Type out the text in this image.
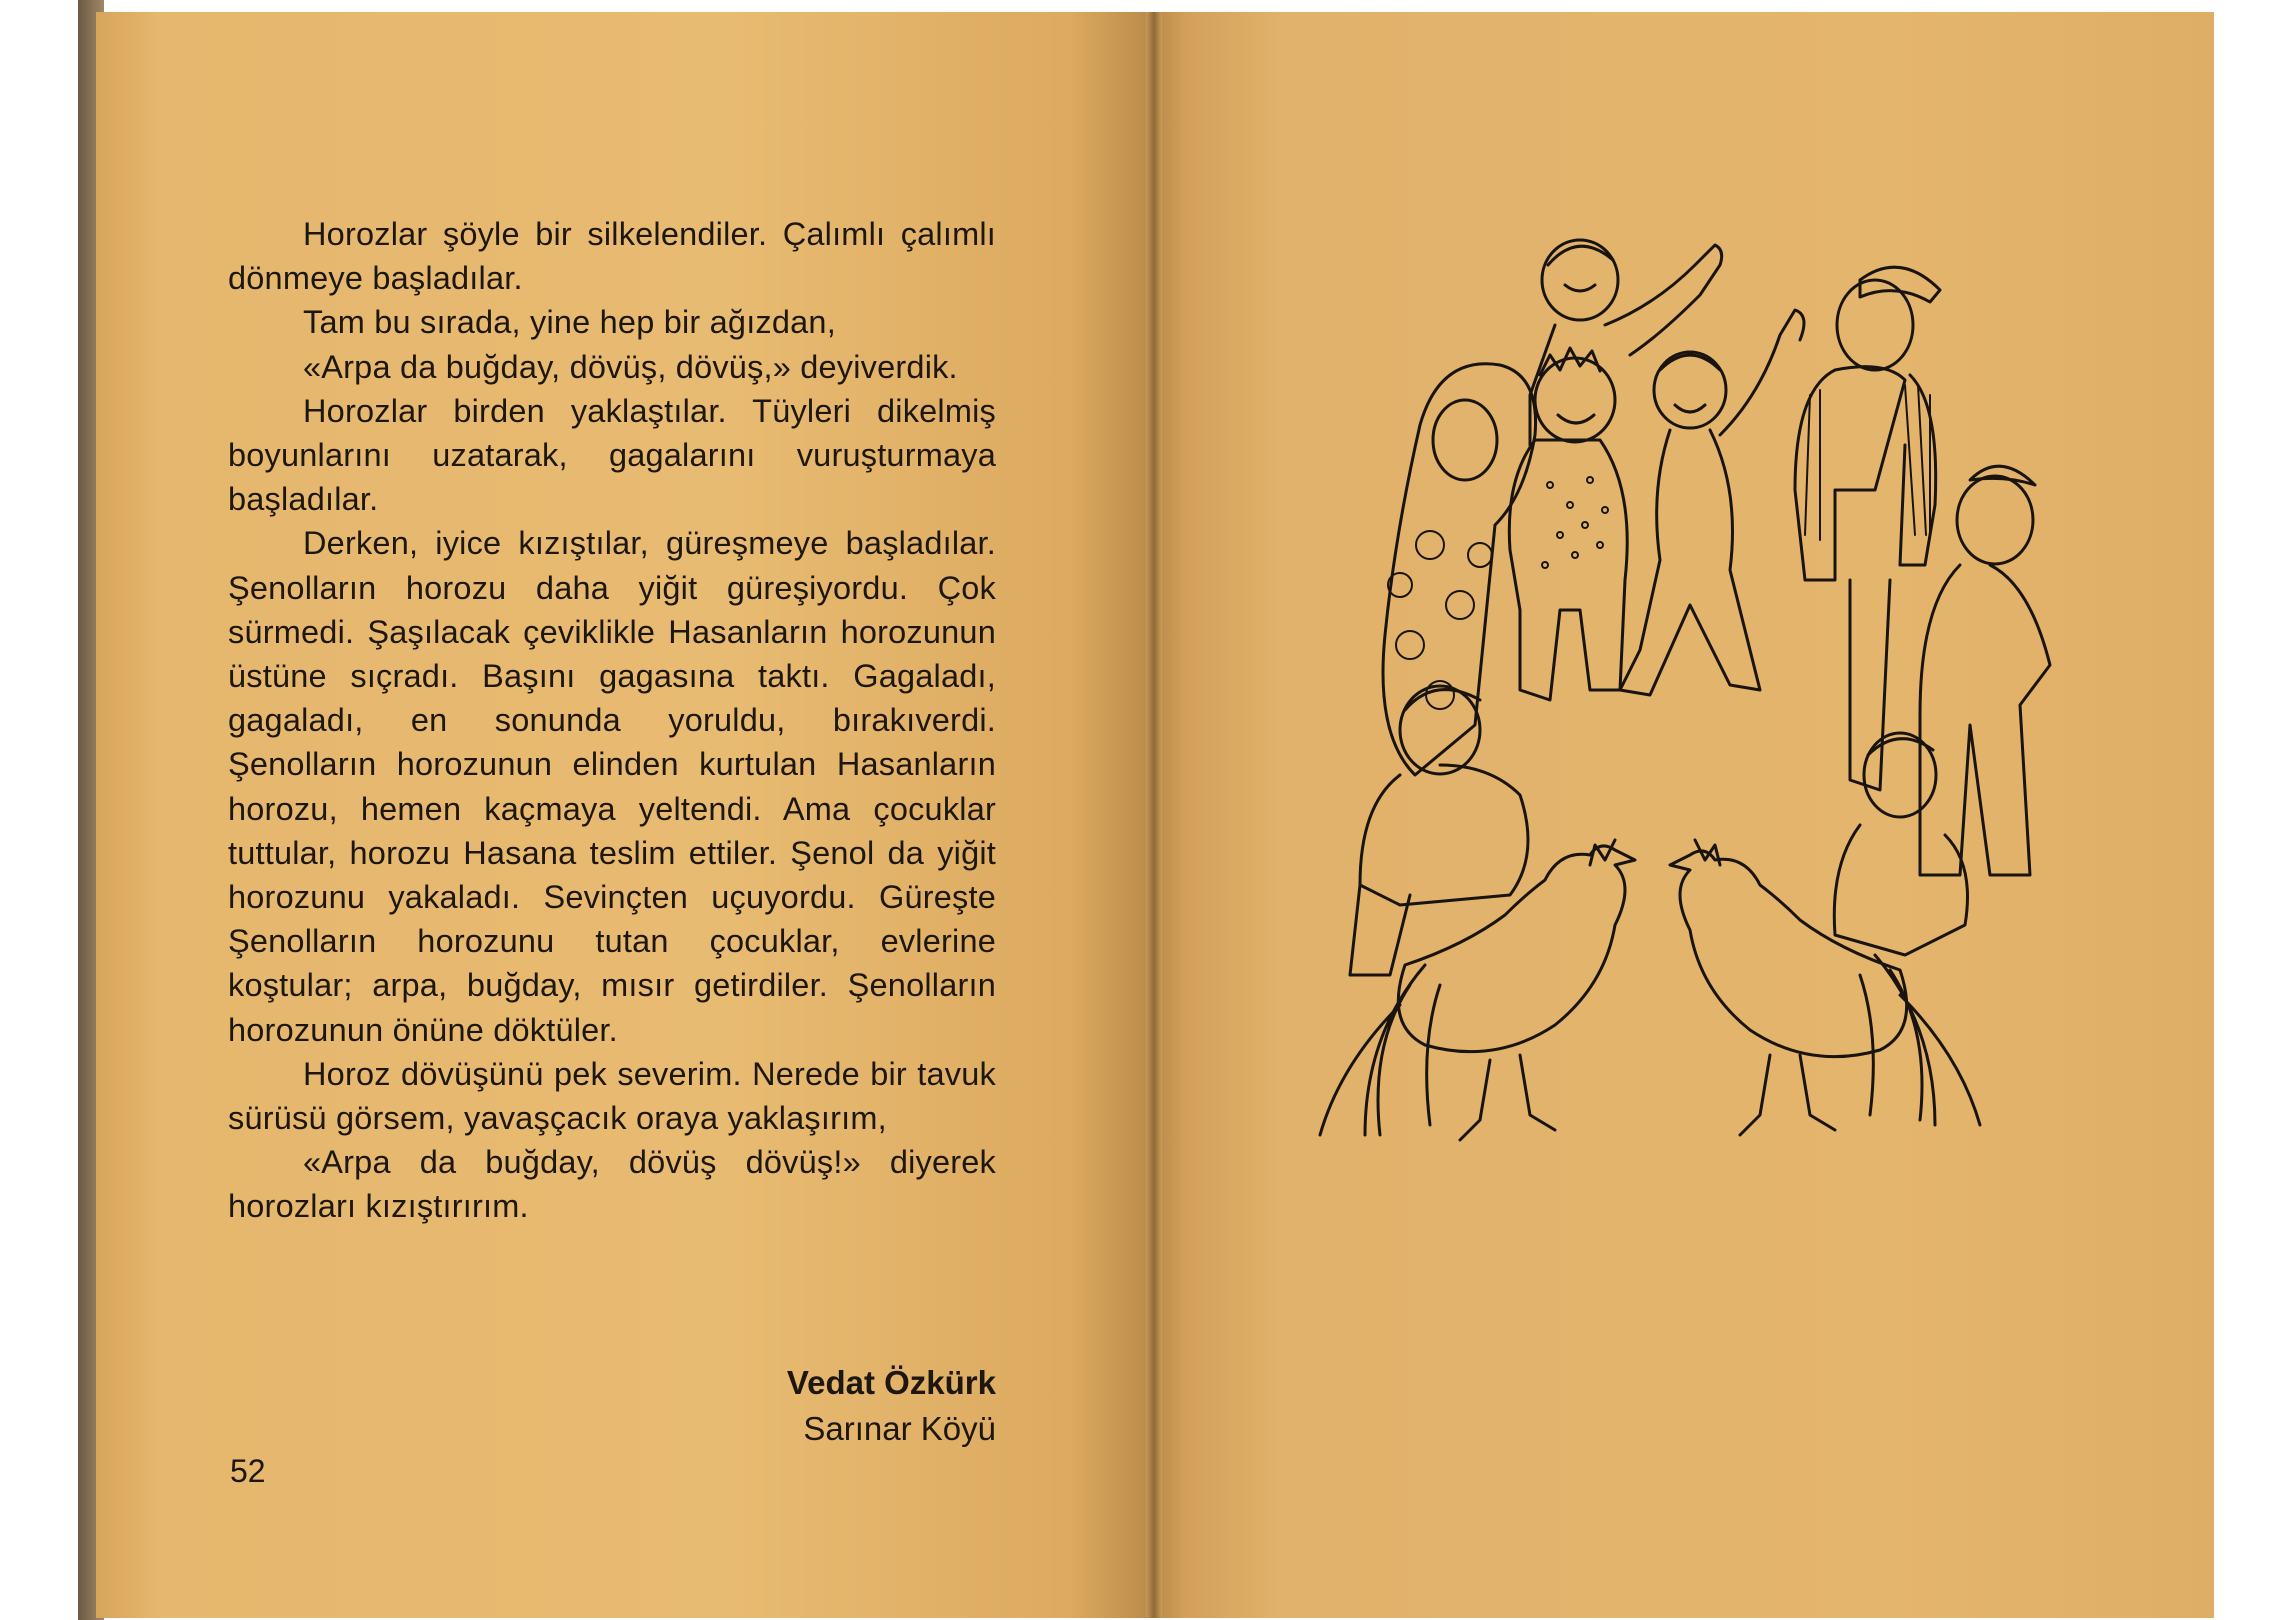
Horozlar şöyle bir silkelendiler. Çalımlı çalımlı dönmeye başladılar.

Tam bu sırada, yine hep bir ağızdan,

«Arpa da buğday, dövüş, dövüş,» deyiverdik.

Horozlar birden yaklaştılar. Tüyleri dikelmiş boyunlarını uzatarak, gagalarını vuruşturmaya başladılar.

Derken, iyice kızıştılar, güreşmeye başladılar. Şenolların horozu daha yiğit güreşiyordu. Çok sürmedi. Şaşılacak çeviklikle Hasanların horozunun üstüne sıçradı. Başını gagasına taktı. Gagaladı, gagaladı, en sonunda yoruldu, bırakıverdi. Şenolların horozunun elinden kurtulan Hasanların horozu, hemen kaçmaya yeltendi. Ama çocuklar tuttular, horozu Hasana teslim ettiler. Şenol da yiğit horozunu yakaladı. Sevinçten uçuyordu. Güreşte Şenolların horozunu tutan çocuklar, evlerine koştular; arpa, buğday, mısır getirdiler. Şenolların horozunun önüne döktüler.

Horoz dövüşünü pek severim. Nerede bir tavuk sürüsü görsem, yavaşçacık oraya yaklaşırım,

«Arpa da buğday, dövüş dövüş!» diyerek horozları kızıştırırım.

Vedat Özkürk
Sarınar Köyü
52
